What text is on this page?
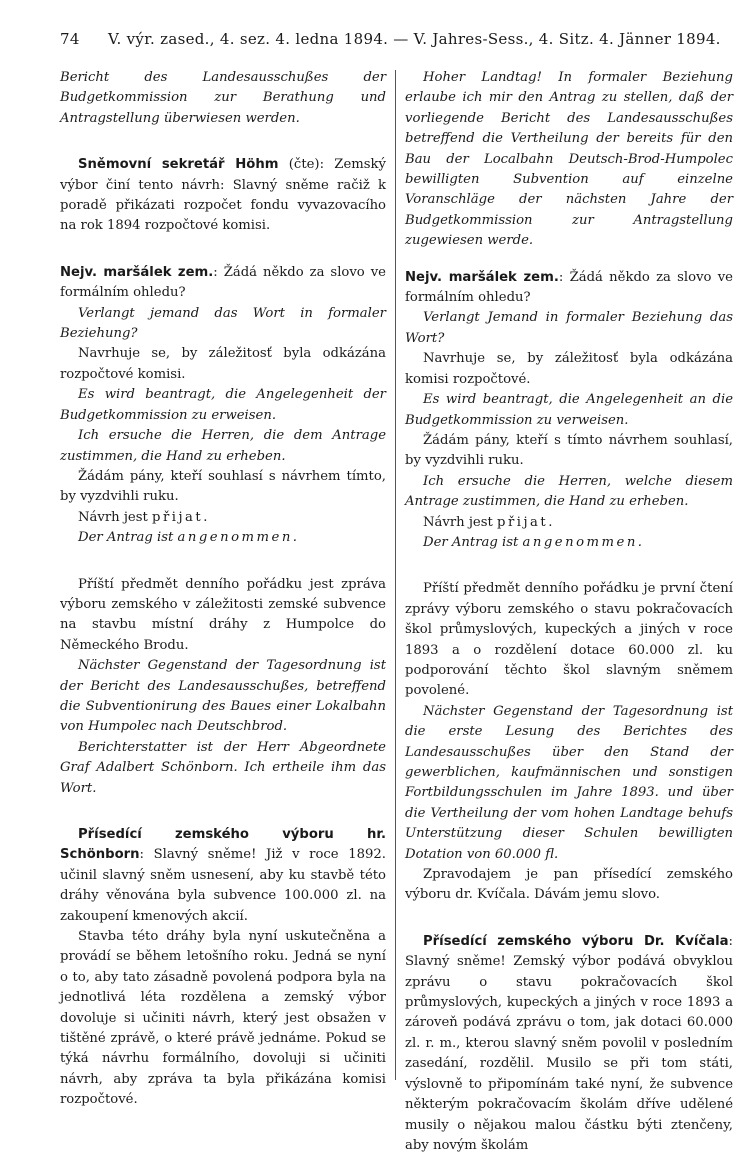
74 V. výr. zased., 4. sez. 4. ledna 1894. — V. Jahres-Sess., 4. Sitz. 4. Jänner 1894.

Bericht des Landesausschußes der Budgetkommission zur Berathung und Antragstellung überwiesen werden.

Sněmovní sekretář Höhm (čte): Zemský výbor činí tento návrh: Slavný sněme račiž k poradě přikázati rozpočet fondu vyvazovacího na rok 1894 rozpočtové komisi.

Nejv. maršálek zem.: Žádá někdo za slovo ve formálním ohledu?

Verlangt jemand das Wort in formaler Beziehung?

Navrhuje se, by záležitosť byla odkázána rozpočtové komisi.

Es wird beantragt, die Angelegenheit der Budgetkommission zu erweisen.

Ich ersuche die Herren, die dem Antrage zustimmen, die Hand zu erheben.

Žádám pány, kteří souhlasí s návrhem tímto, by vyzdvihli ruku.

Návrh jest přijat.

Der Antrag ist angenommen.

Příští předmět denního pořádku jest zpráva výboru zemského v záležitosti zemské subvence na stavbu místní dráhy z Humpolce do Německého Brodu.

Nächster Gegenstand der Tagesordnung ist der Bericht des Landesausschußes, betreffend die Subventionirung des Baues einer Lokalbahn von Humpolec nach Deutschbrod.

Berichterstatter ist der Herr Abgeordnete Graf Adalbert Schönborn. Ich ertheile ihm das Wort.

Přísedící zemského výboru hr. Schönborn: Slavný sněme! Již v roce 1892. učinil slavný sněm usnesení, aby ku stavbě této dráhy věnována byla subvence 100.000 zl. na zakoupení kmenových akcií.

Stavba této dráhy byla nyní uskutečněna a provádí se během letošního roku. Jedná se nyní o to, aby tato zásadně povolená podpora byla na jednotlivá léta rozdělena a zemský výbor dovoluje si učiniti návrh, který jest obsažen v tištěné zprávě, o které právě jednáme. Pokud se týká návrhu formálního, dovoluji si učiniti návrh, aby zpráva ta byla přikázána komisi rozpočtové.

Hoher Landtag! In formaler Beziehung erlaube ich mir den Antrag zu stellen, daß der vorliegende Bericht des Landesausschußes betreffend die Vertheilung der bereits für den Bau der Localbahn Deutsch-Brod-Humpolec bewilligten Subvention auf einzelne Voranschläge der nächsten Jahre der Budgetkommission zur Antragstellung zugewiesen werde.

Nejv. maršálek zem.: Žádá někdo za slovo ve formálním ohledu?

Verlangt Jemand in formaler Beziehung das Wort?

Navrhuje se, by záležitosť byla odkázána komisi rozpočtové.

Es wird beantragt, die Angelegenheit an die Budgetkommission zu verweisen.

Žádám pány, kteří s tímto návrhem souhlasí, by vyzdvihli ruku.

Ich ersuche die Herren, welche diesem Antrage zustimmen, die Hand zu erheben.

Návrh jest přijat.

Der Antrag ist angenommen.

Příští předmět denního pořádku je první čtení zprávy výboru zemského o stavu pokračovacích škol průmyslových, kupeckých a jiných v roce 1893 a o rozdělení dotace 60.000 zl. ku podporování těchto škol slavným sněmem povolené.

Nächster Gegenstand der Tagesordnung ist die erste Lesung des Berichtes des Landesausschußes über den Stand der gewerblichen, kaufmännischen und sonstigen Fortbildungsschulen im Jahre 1893. und über die Vertheilung der vom hohen Landtage behufs Unterstützung dieser Schulen bewilligten Dotation von 60.000 fl.

Zpravodajem je pan přísedící zemského výboru dr. Kvíčala. Dávám jemu slovo.

Přísedící zemského výboru Dr. Kvíčala: Slavný sněme! Zemský výbor podává obvyklou zprávu o stavu pokračovacích škol průmyslových, kupeckých a jiných v roce 1893 a zároveň podává zprávu o tom, jak dotaci 60.000 zl. r. m., kterou slavný sněm povolil v posledním zasedání, rozdělil. Musilo se při tom státi, výslovně to připomínám také nyní, že subvence některým pokračovacím školám dříve udělené musily o nějakou malou částku býti ztenčeny, aby novým školám
